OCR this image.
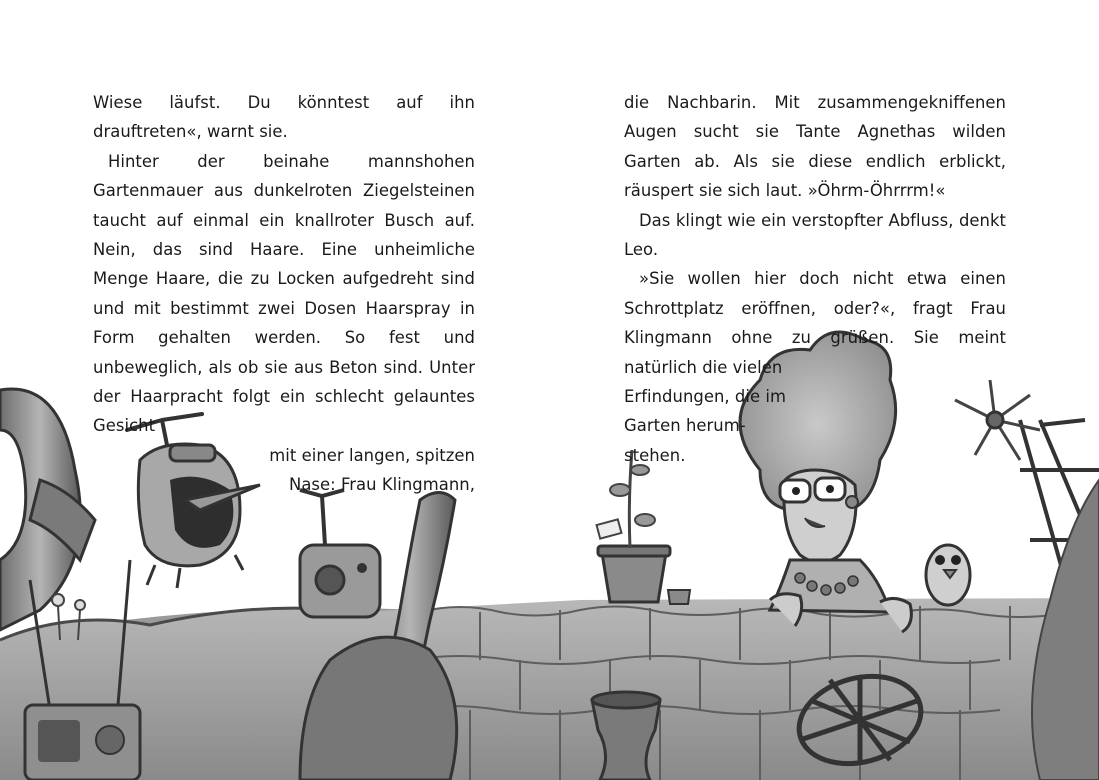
Wiese läufst. Du könntest auf ihn drauftreten«, warnt sie.

Hinter der beinahe mannshohen Gartenmauer aus dunkelroten Ziegelsteinen taucht auf einmal ein knallroter Busch auf. Nein, das sind Haare. Eine unheimliche Menge Haare, die zu Locken aufgedreht sind und mit bestimmt zwei Dosen Haarspray in Form gehalten werden. So fest und unbeweglich, als ob sie aus Beton sind. Unter der Haarpracht folgt ein schlecht gelauntes Gesicht

mit einer langen, spitzen
Nase: Frau Klingmann,

die Nachbarin. Mit zusammengekniffenen Augen sucht sie Tante Agnethas wilden Garten ab. Als sie diese endlich erblickt, räuspert sie sich laut. »Öhrm-Öhrrrm!«

Das klingt wie ein verstopfter Abfluss, denkt Leo.

»Sie wollen hier doch nicht etwa einen Schrottplatz eröffnen, oder?«, fragt Frau Klingmann ohne zu grüßen. Sie meint natürlich die vielen

Erfindungen, die im
Garten herum-
stehen.
